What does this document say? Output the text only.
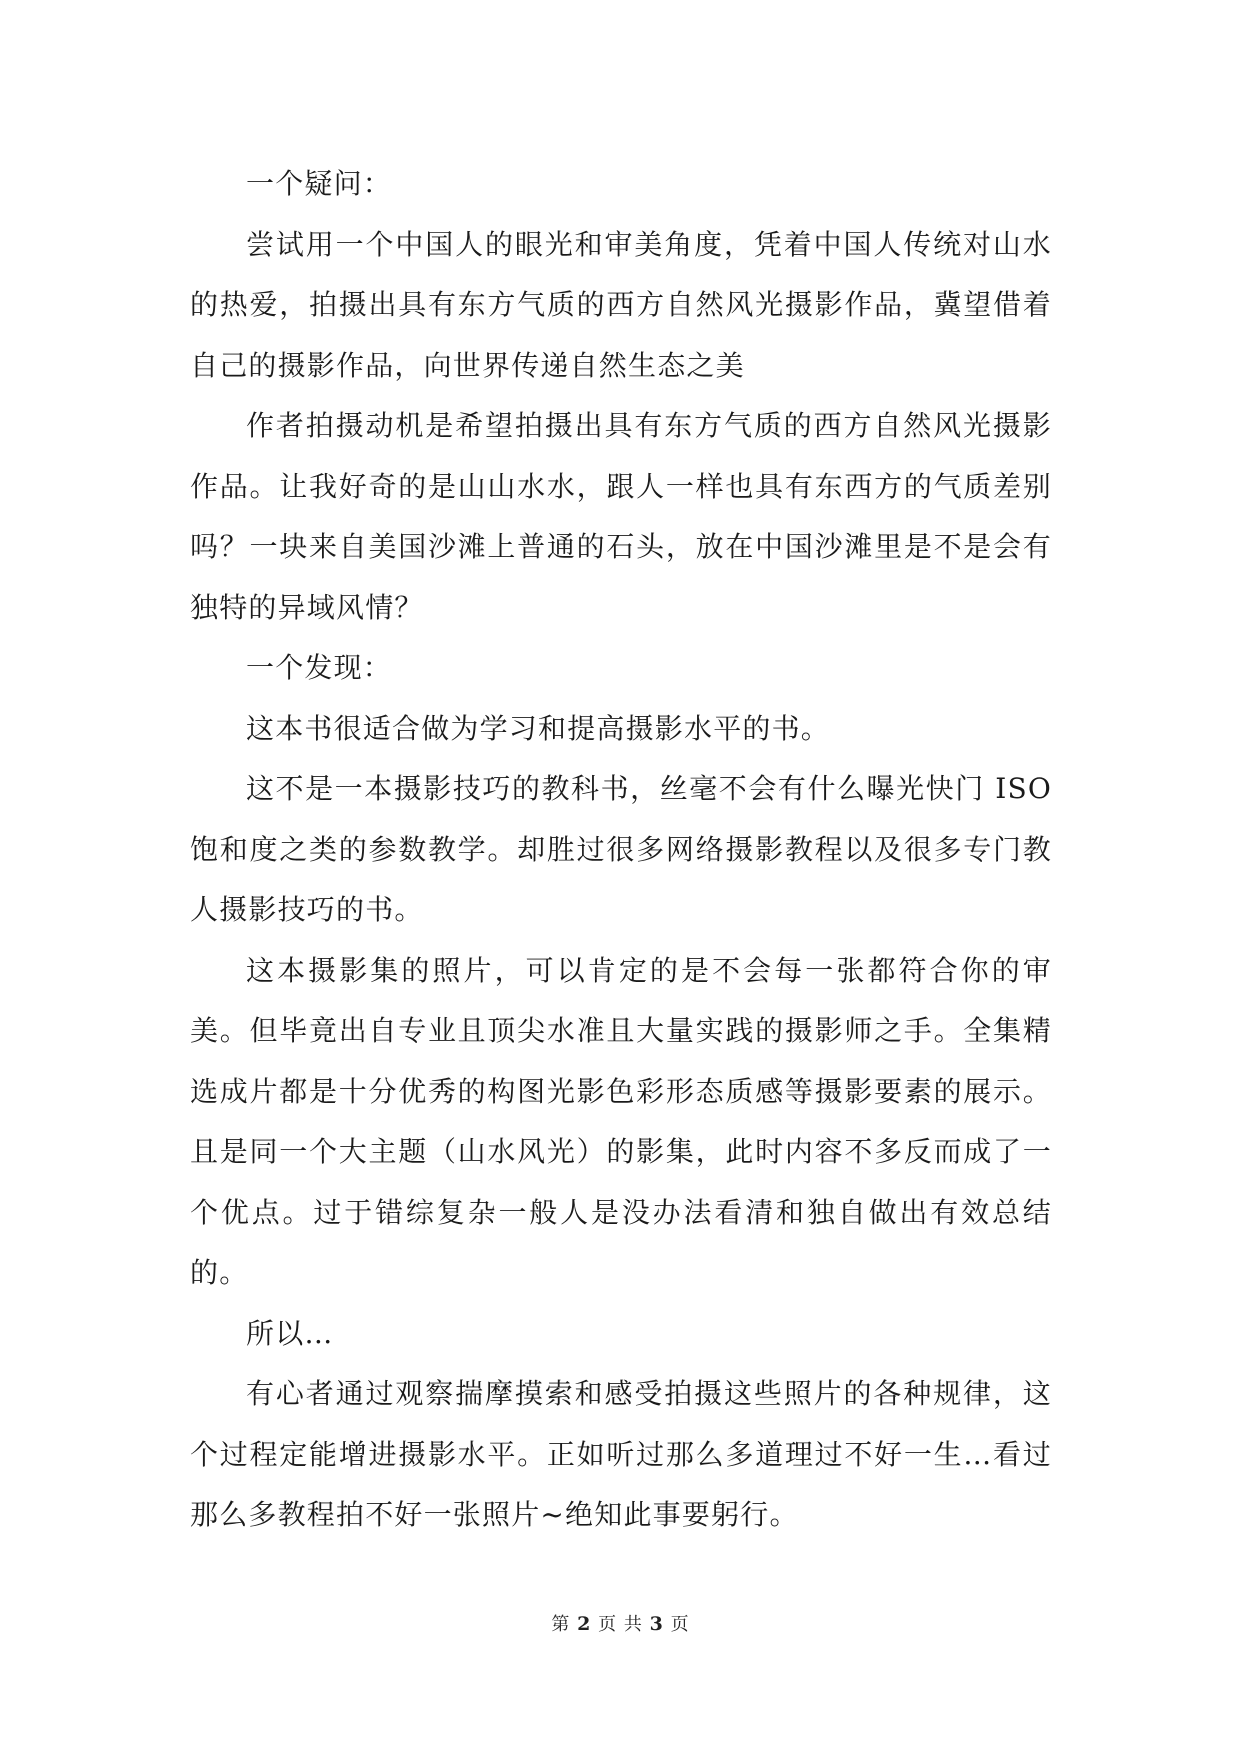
一个疑问：

尝试用一个中国人的眼光和审美角度，凭着中国人传统对山水的热爱，拍摄出具有东方气质的西方自然风光摄影作品，冀望借着自己的摄影作品，向世界传递自然生态之美

作者拍摄动机是希望拍摄出具有东方气质的西方自然风光摄影作品。让我好奇的是山山水水，跟人一样也具有东西方的气质差别吗？一块来自美国沙滩上普通的石头，放在中国沙滩里是不是会有独特的异域风情？

一个发现：

这本书很适合做为学习和提高摄影水平的书。

这不是一本摄影技巧的教科书，丝毫不会有什么曝光快门 ISO 饱和度之类的参数教学。却胜过很多网络摄影教程以及很多专门教人摄影技巧的书。

这本摄影集的照片，可以肯定的是不会每一张都符合你的审美。但毕竟出自专业且顶尖水准且大量实践的摄影师之手。全集精选成片都是十分优秀的构图光影色彩形态质感等摄影要素的展示。且是同一个大主题（山水风光）的影集，此时内容不多反而成了一个优点。过于错综复杂一般人是没办法看清和独自做出有效总结的。

所以…

有心者通过观察揣摩摸索和感受拍摄这些照片的各种规律，这个过程定能增进摄影水平。正如听过那么多道理过不好一生…看过那么多教程拍不好一张照片~绝知此事要躬行。

第 2 页 共 3 页
